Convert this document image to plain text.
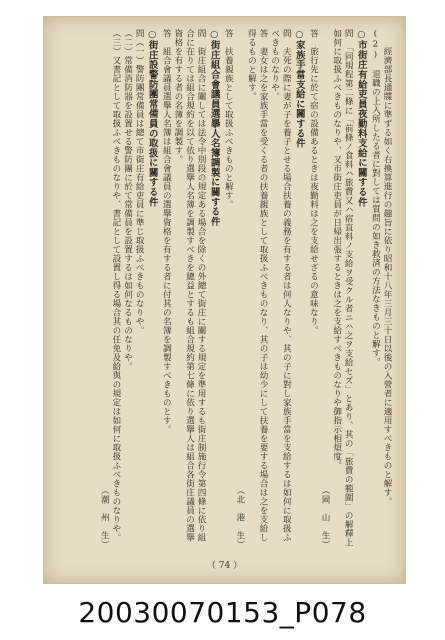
　　經濟部長通牒に準ずる如く右換算進行の趣旨に依り昭和十八年三月三十日以後の入營者に適用すべきものと解す。

(2)　退職の上入所したる者に對しては質問の如き救済の方法なきものと解す。

○市街庄有給吏員夜勤料支給に關する件

問　「同規程第二條に「前條ノ食料ハ旅費又ハ宿直料ノ支給ヲ受クル者ニハ之ヲ支給セズ」とあり、其の「旅費の範圍」の解釋上如何に取扱ふべきものなりや、又市街庄吏員が日帰出張するときは之を支給すべきものなりや御指示相煩度。

（岡　山　生）

答　旅行先に於て宿の設備あるときは夜勤料は之を支給せざるの意味なり。

○家族手當支給に關する件

問　夫死の際に妻が子を養子とせる場合扶養の義務を有する者は何人なりや、其の子に對し家族手當を支給するは如何に取扱ふべきものなりや。

答　妻女は之を家族手當を受くる者の扶養親族として取扱ふべきものなり、其の子は幼少にして扶養を要する場合は之を支給し得るものと解す。

（北　港　生）

答　扶養親族として取扱ふべきものと解す。

○街庄組合會議員選擧人名簿調製に關する件

問　街庄組合に關しては法令中別段の規定ある場合を除くの外總て街庄に關する規定を準用するも街庄制施行令第四條に依り組合に在りては組合規約を以て依り選擧人名簿を調製すべきを總益とするも組合規約第七條に依り選擧人は組合各街庄議員の選擧資格を有する者の名簿を調製す。

答　組合會議員選擧人名簿は組合會議員の選擧資格を有する者に付其の名簿を調製すべきものとす。

○街庄設警防團常備員の取扱に關する件

問（一）警防團常備員は總て市街庄有給吏員に準じ取扱ふべきものなりや。

（二）常備消防器を設置せる警防團に於て常備員を設置するは如何なるものなりや。

（三）又書記として取扱ふべきものなりや、書記として設置し得る場合其の任免及給與の規定は如何に取扱ふべきものなりや。

（潮　州　生）

（ 74 ）
20030070153_P078
